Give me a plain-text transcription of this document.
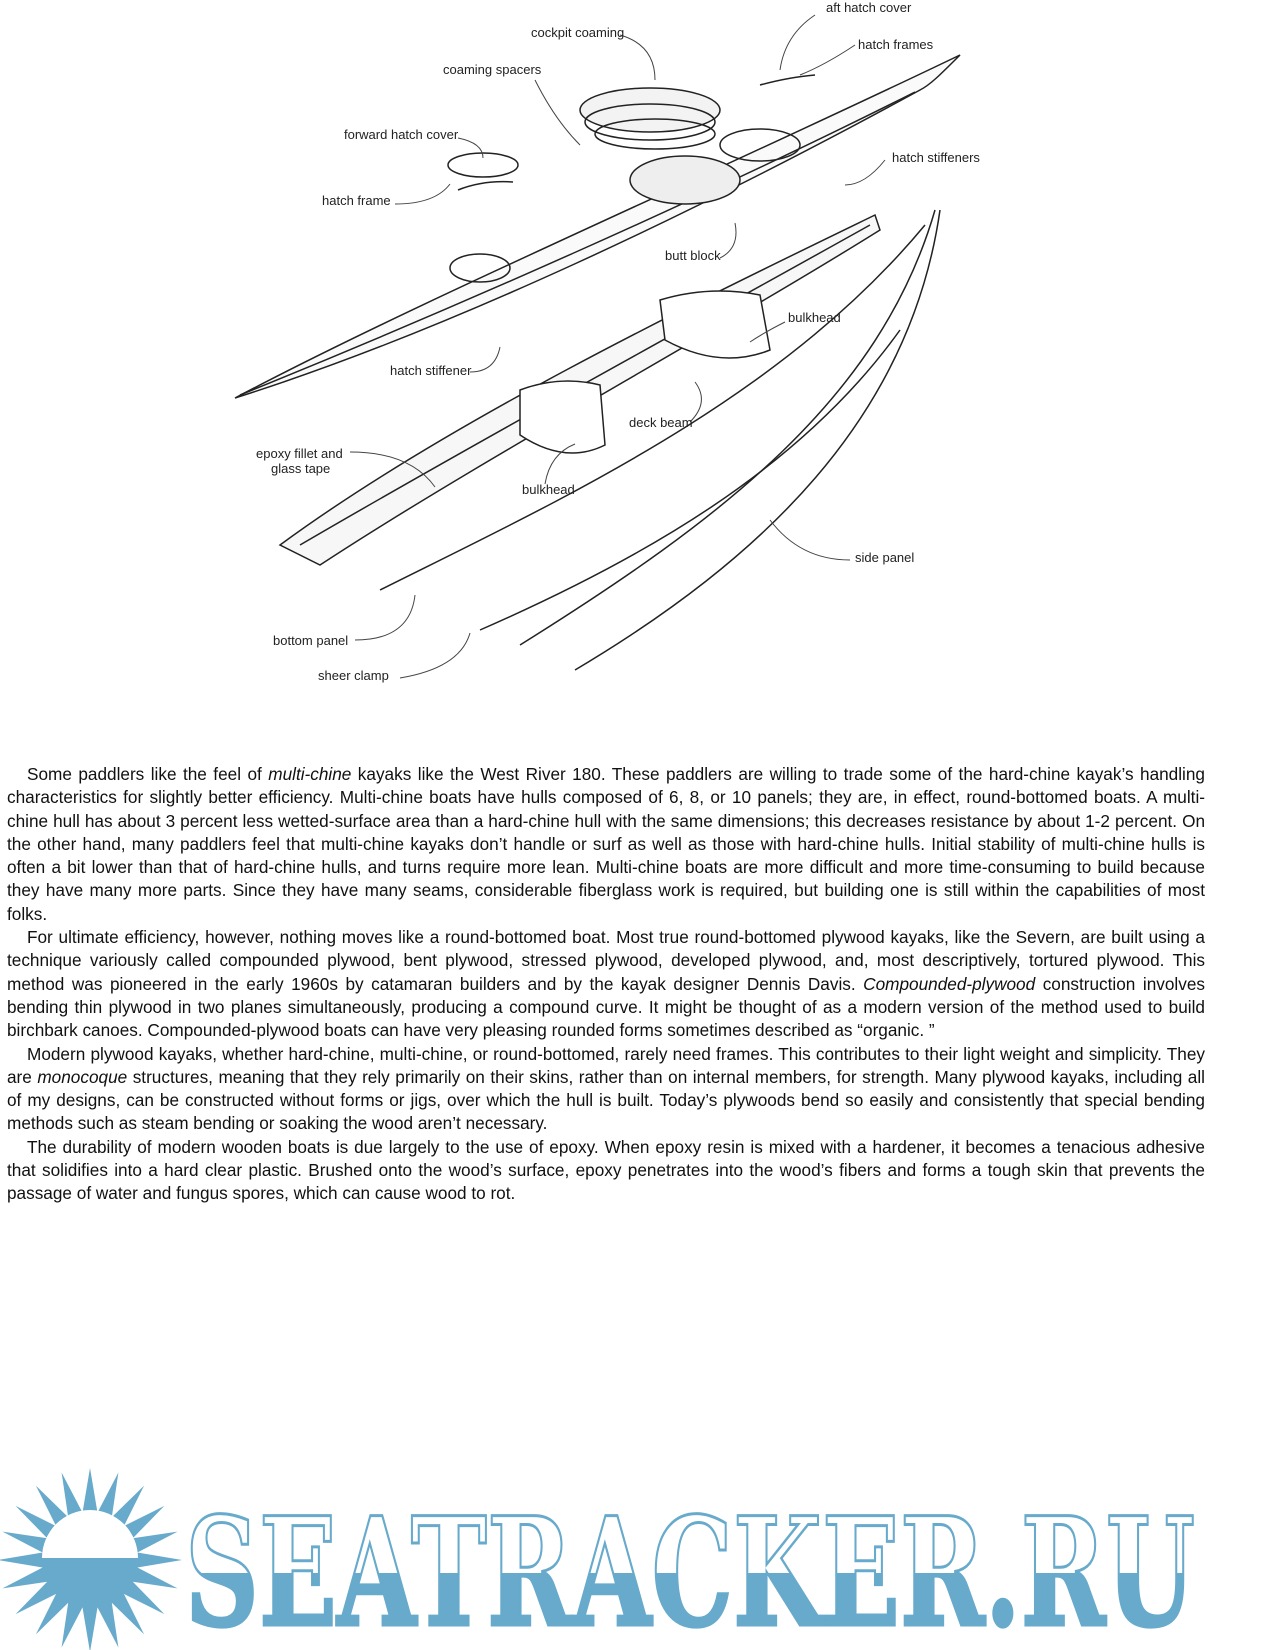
aft hatch cover
hatch frames
cockpit coaming
coaming spacers
forward hatch cover
hatch stiffeners
hatch frame
butt block
bulkhead
hatch stiffener
deck beam
epoxy fillet and
glass tape
bulkhead
side panel
bottom panel
sheer clamp

Some paddlers like the feel of multi-chine kayaks like the West River 180. These paddlers are willing to trade some of the hard-chine kayak’s handling characteristics for slightly better efficiency. Multi-chine boats have hulls composed of 6, 8, or 10 panels; they are, in effect, round-bottomed boats. A multi-chine hull has about 3 percent less wetted-surface area than a hard-chine hull with the same dimensions; this decreases resistance by about 1-2 percent. On the other hand, many paddlers feel that multi-chine kayaks don’t handle or surf as well as those with hard-chine hulls. Initial stability of multi-chine hulls is often a bit lower than that of hard-chine hulls, and turns require more lean. Multi-chine boats are more difficult and more time-consuming to build because they have many more parts. Since they have many seams, considerable fiberglass work is required, but building one is still within the capabilities of most folks.

For ultimate efficiency, however, nothing moves like a round-bottomed boat. Most true round-bottomed plywood kayaks, like the Severn, are built using a technique variously called compounded plywood, bent plywood, stressed plywood, developed plywood, and, most descriptively, tortured plywood. This method was pioneered in the early 1960s by catamaran builders and by the kayak designer Dennis Davis. Compounded-plywood construction involves bending thin plywood in two planes simultaneously, producing a compound curve. It might be thought of as a modern version of the method used to build birchbark canoes. Compounded-plywood boats can have very pleasing rounded forms sometimes described as “organic. ”

Modern plywood kayaks, whether hard-chine, multi-chine, or round-bottomed, rarely need frames. This contributes to their light weight and simplicity. They are monocoque structures, meaning that they rely primarily on their skins, rather than on internal members, for strength. Many plywood kayaks, including all of my designs, can be constructed without forms or jigs, over which the hull is built. Today’s plywoods bend so easily and consistently that special bending methods such as steam bending or soaking the wood aren’t necessary.

The durability of modern wooden boats is due largely to the use of epoxy. When epoxy resin is mixed with a hardener, it becomes a tenacious adhesive that solidifies into a hard clear plastic. Brushed onto the wood’s surface, epoxy penetrates into the wood’s fibers and forms a tough skin that prevents the passage of water and fungus spores, which can cause wood to rot.

SEATRACKER.RU
